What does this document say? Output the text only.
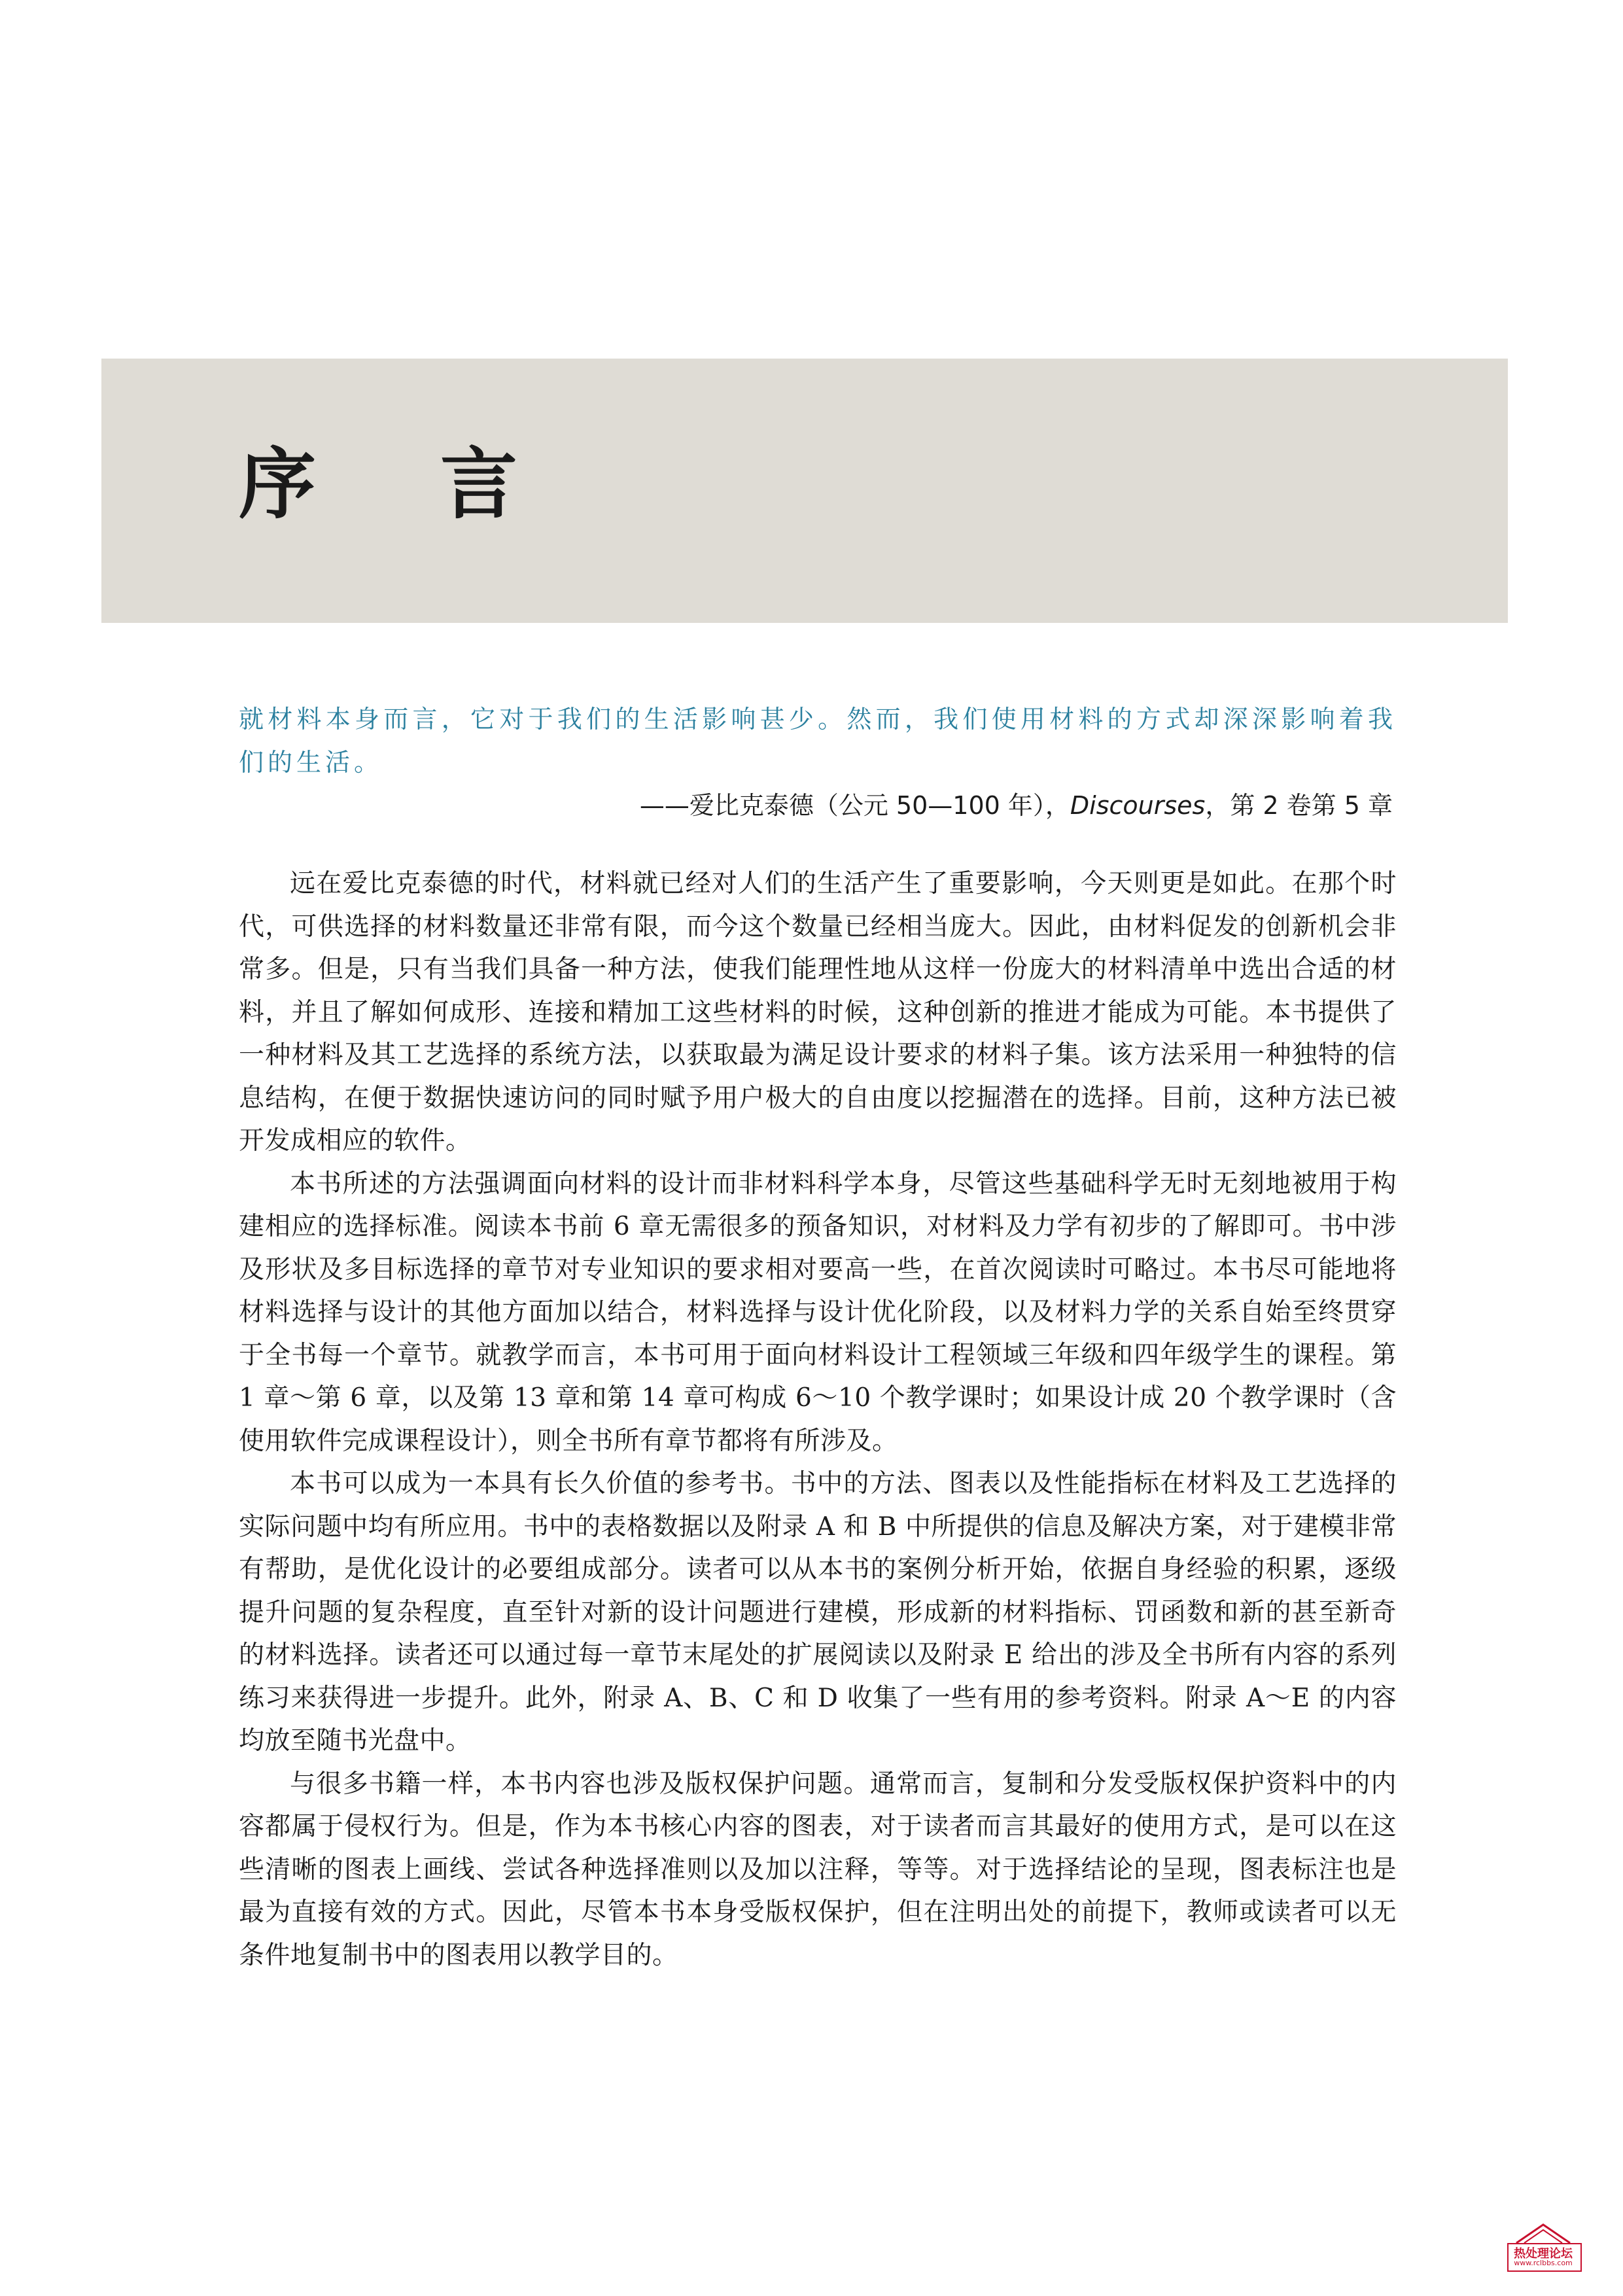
序言
就材料本身而言，它对于我们的生活影响甚少。然而，我们使用材料的方式却深深影响着我们的生活。
——爱比克泰德（公元 50—100 年），Discourses，第 2 卷第 5 章

远在爱比克泰德的时代，材料就已经对人们的生活产生了重要影响，今天则更是如此。在那个时代，可供选择的材料数量还非常有限，而今这个数量已经相当庞大。因此，由材料促发的创新机会非常多。但是，只有当我们具备一种方法，使我们能理性地从这样一份庞大的材料清单中选出合适的材料，并且了解如何成形、连接和精加工这些材料的时候，这种创新的推进才能成为可能。本书提供了一种材料及其工艺选择的系统方法，以获取最为满足设计要求的材料子集。该方法采用一种独特的信息结构，在便于数据快速访问的同时赋予用户极大的自由度以挖掘潜在的选择。目前，这种方法已被开发成相应的软件。

本书所述的方法强调面向材料的设计而非材料科学本身，尽管这些基础科学无时无刻地被用于构建相应的选择标准。阅读本书前 6 章无需很多的预备知识，对材料及力学有初步的了解即可。书中涉及形状及多目标选择的章节对专业知识的要求相对要高一些，在首次阅读时可略过。本书尽可能地将材料选择与设计的其他方面加以结合，材料选择与设计优化阶段，以及材料力学的关系自始至终贯穿于全书每一个章节。就教学而言，本书可用于面向材料设计工程领域三年级和四年级学生的课程。第 1 章～第 6 章，以及第 13 章和第 14 章可构成 6～10 个教学课时；如果设计成 20 个教学课时（含使用软件完成课程设计），则全书所有章节都将有所涉及。

本书可以成为一本具有长久价值的参考书。书中的方法、图表以及性能指标在材料及工艺选择的实际问题中均有所应用。书中的表格数据以及附录 A 和 B 中所提供的信息及解决方案，对于建模非常有帮助，是优化设计的必要组成部分。读者可以从本书的案例分析开始，依据自身经验的积累，逐级提升问题的复杂程度，直至针对新的设计问题进行建模，形成新的材料指标、罚函数和新的甚至新奇的材料选择。读者还可以通过每一章节末尾处的扩展阅读以及附录 E 给出的涉及全书所有内容的系列练习来获得进一步提升。此外，附录 A、B、C 和 D 收集了一些有用的参考资料。附录 A～E 的内容均放至随书光盘中。

与很多书籍一样，本书内容也涉及版权保护问题。通常而言，复制和分发受版权保护资料中的内容都属于侵权行为。但是，作为本书核心内容的图表，对于读者而言其最好的使用方式，是可以在这些清晰的图表上画线、尝试各种选择准则以及加以注释，等等。对于选择结论的呈现，图表标注也是最为直接有效的方式。因此，尽管本书本身受版权保护，但在注明出处的前提下，教师或读者可以无条件地复制书中的图表用以教学目的。

热处理论坛
www.rclbbs.com
